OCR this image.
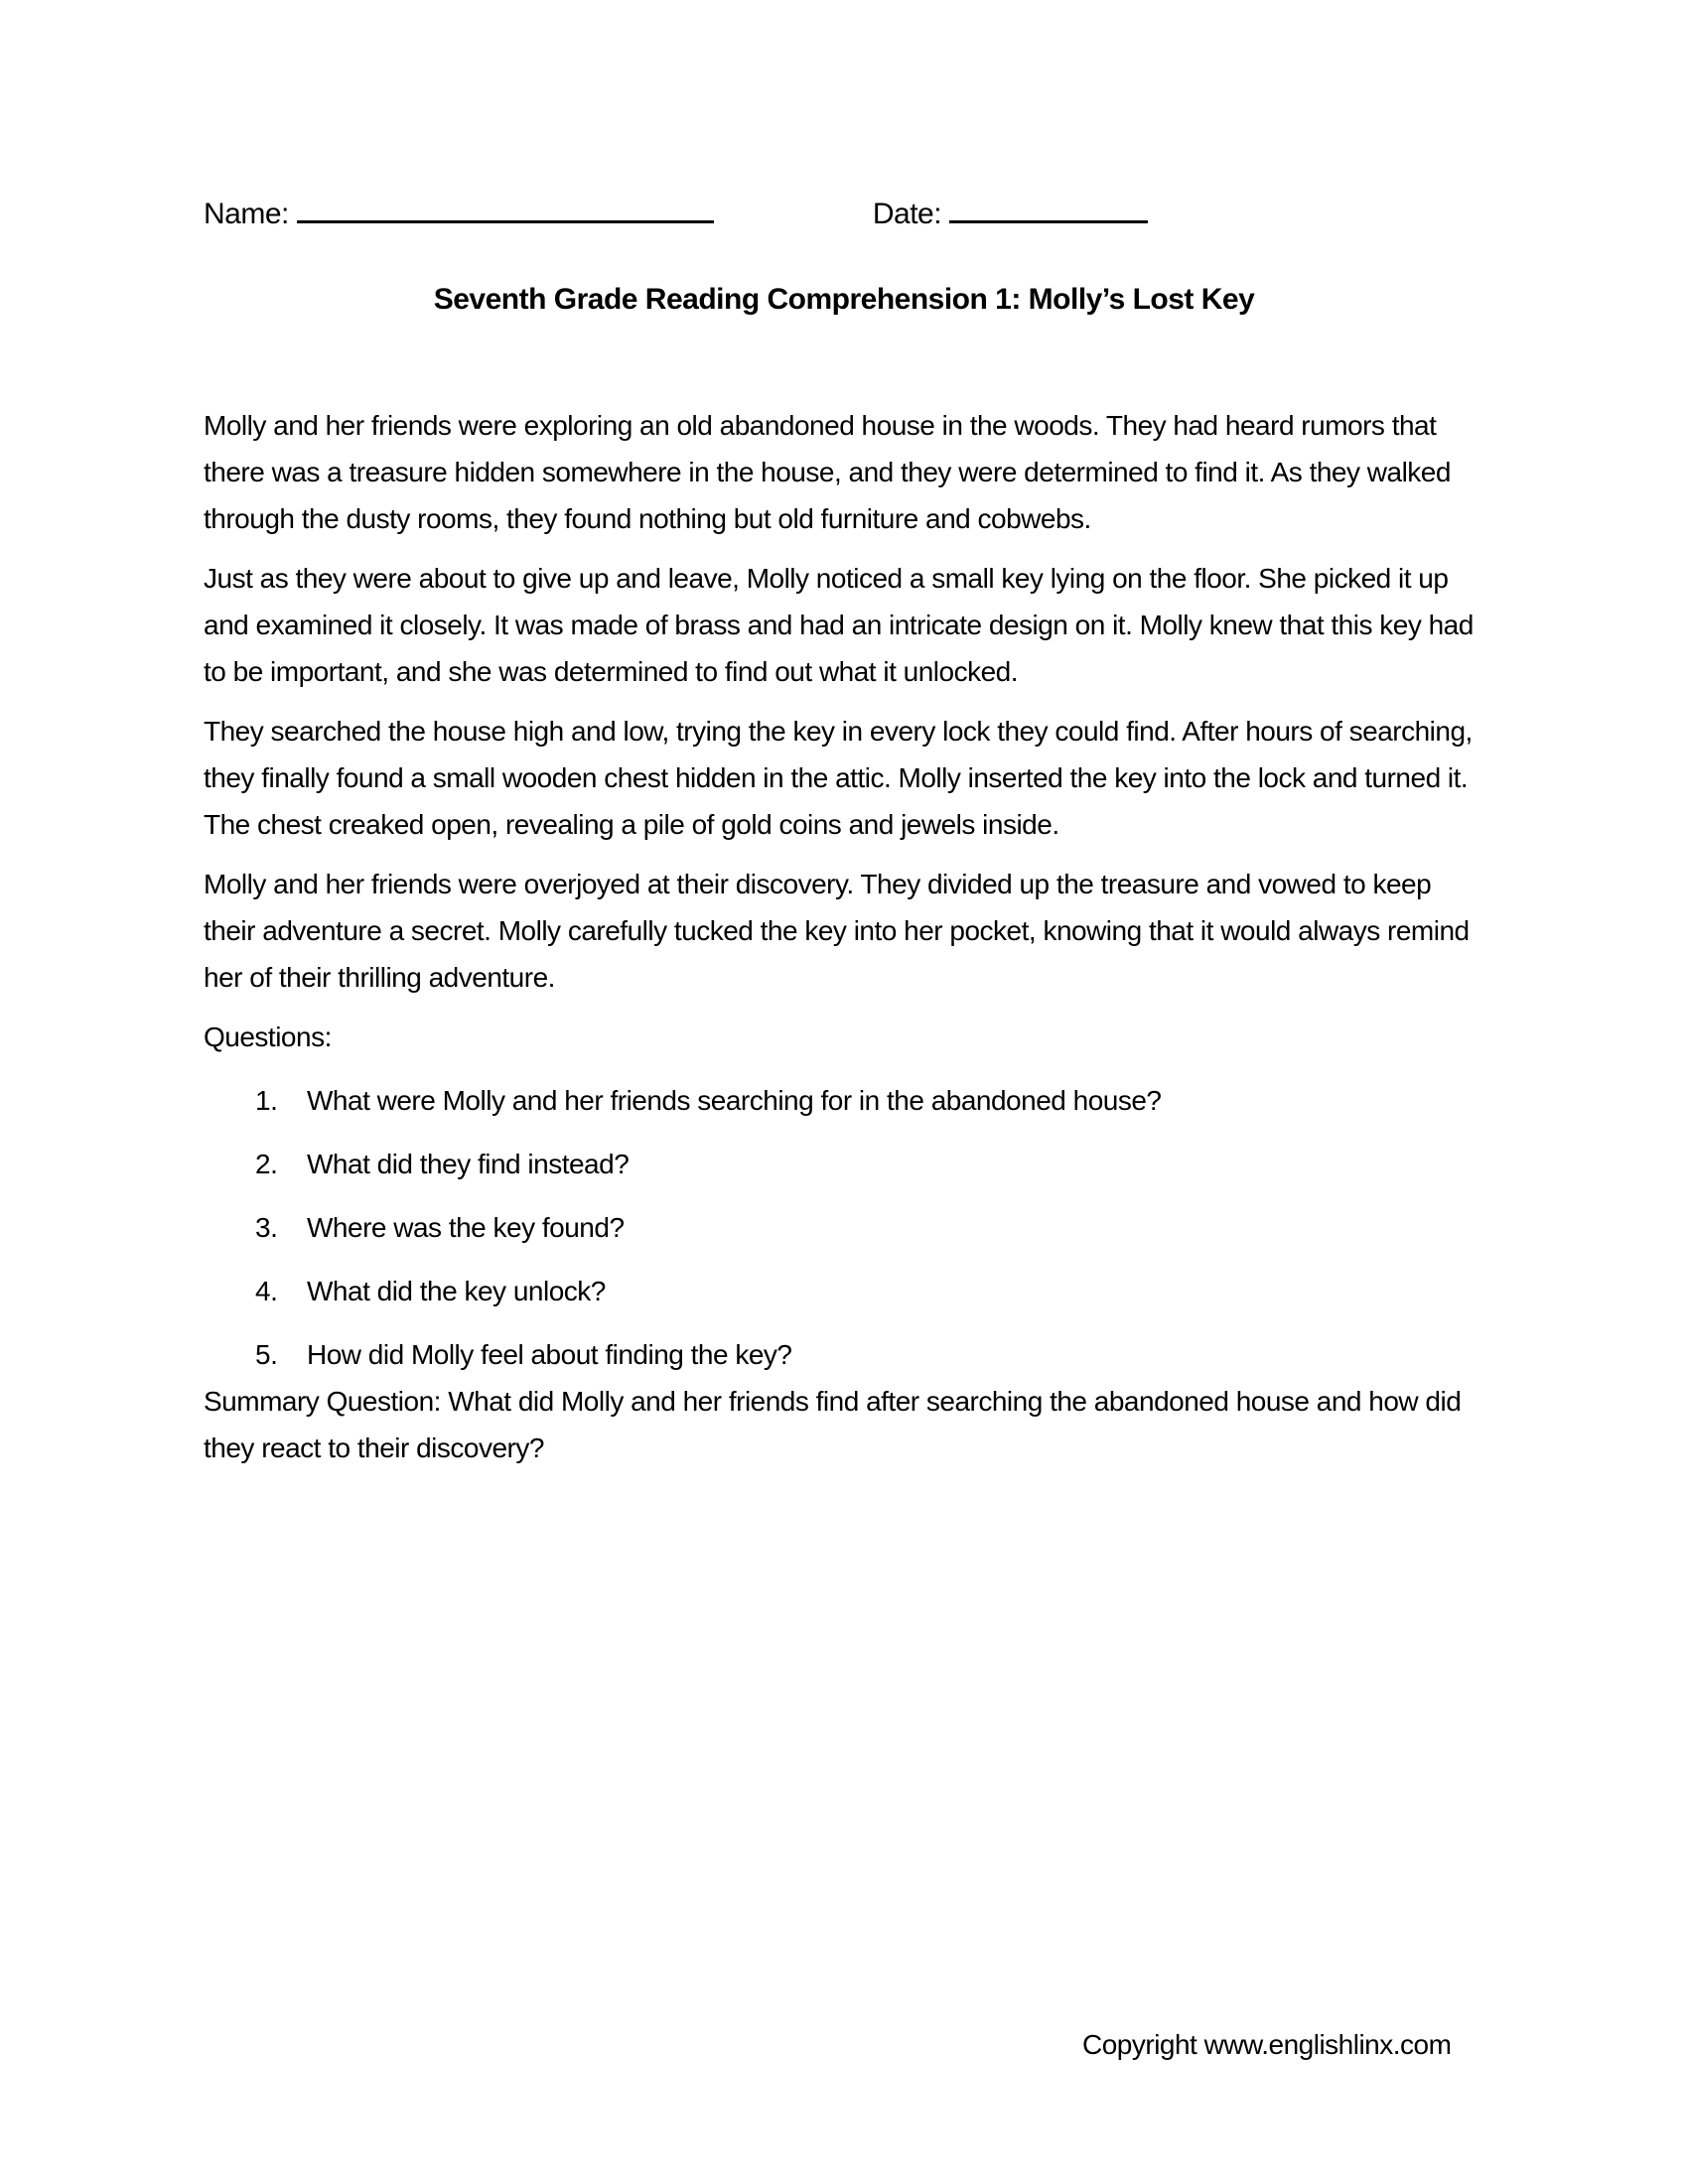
Name:	Date:
Seventh Grade Reading Comprehension 1: Molly’s Lost Key

Molly and her friends were exploring an old abandoned house in the woods. They had heard rumors that there was a treasure hidden somewhere in the house, and they were determined to find it. As they walked through the dusty rooms, they found nothing but old furniture and cobwebs.

Just as they were about to give up and leave, Molly noticed a small key lying on the floor. She picked it up and examined it closely. It was made of brass and had an intricate design on it. Molly knew that this key had to be important, and she was determined to find out what it unlocked.

They searched the house high and low, trying the key in every lock they could find. After hours of searching, they finally found a small wooden chest hidden in the attic. Molly inserted the key into the lock and turned it. The chest creaked open, revealing a pile of gold coins and jewels inside.

Molly and her friends were overjoyed at their discovery. They divided up the treasure and vowed to keep their adventure a secret. Molly carefully tucked the key into her pocket, knowing that it would always remind her of their thrilling adventure.

Questions:

1.	What were Molly and her friends searching for in the abandoned house?
2.	What did they find instead?
3.	Where was the key found?
4.	What did the key unlock?
5.	How did Molly feel about finding the key?

Summary Question: What did Molly and her friends find after searching the abandoned house and how did they react to their discovery?

Copyright www.englishlinx.com
